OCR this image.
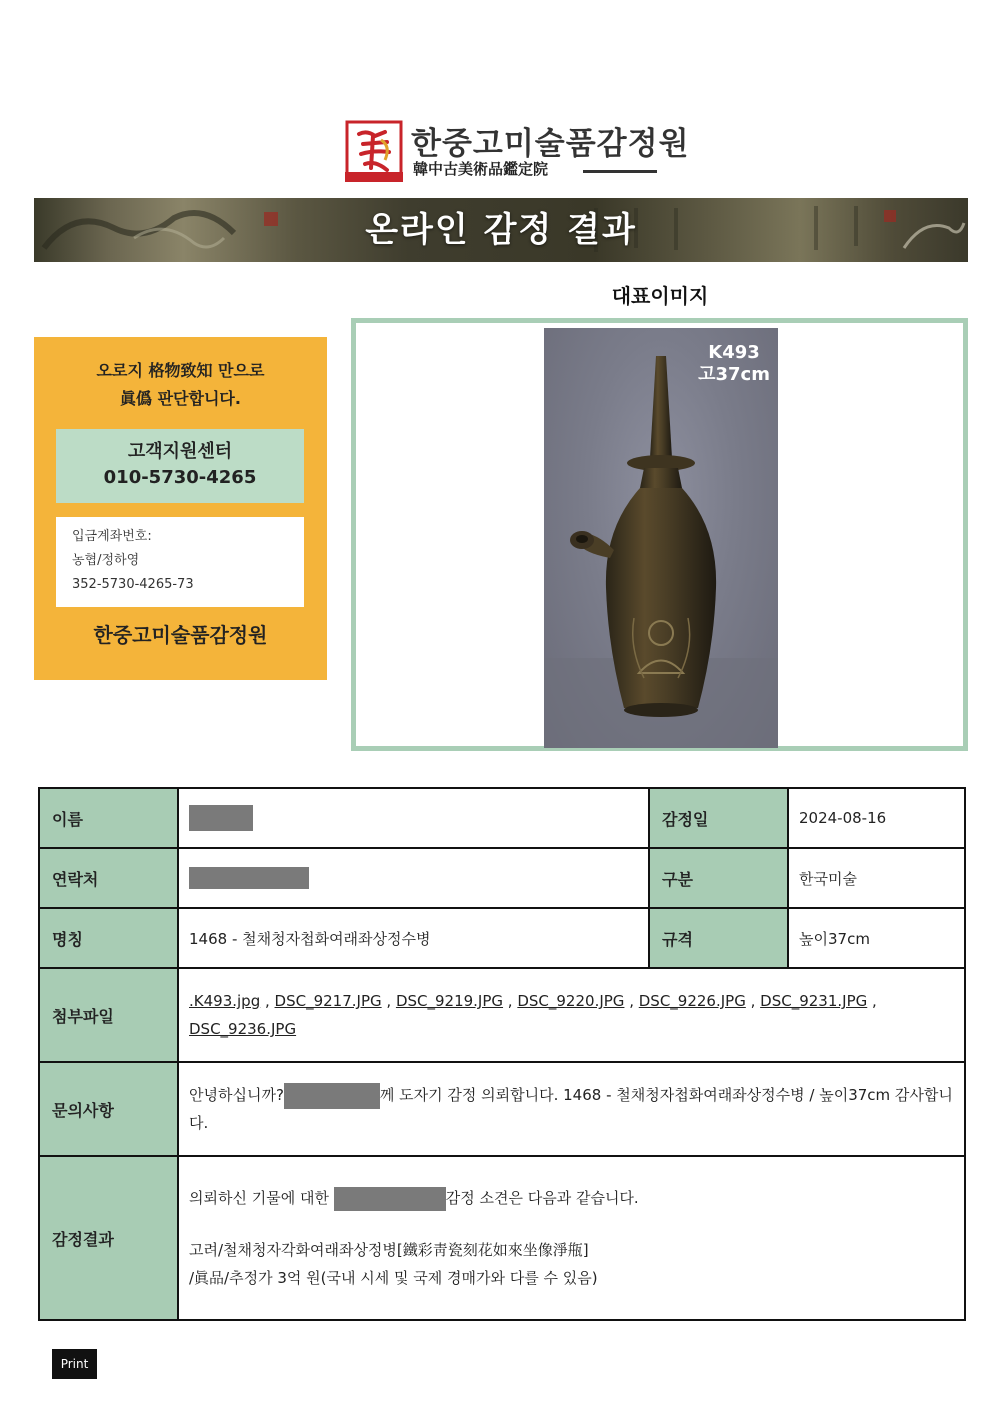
한중고미술품감정원
韓中古美術品鑑定院
온라인 감정 결과
대표이미지
오로지 格物致知 만으로
眞僞 판단합니다.
고객지원센터
010-5730-4265
입금계좌번호:
농협/정하영
352-5730-4265-73
한중고미술품감정원
K493
고37cm
이름		감정일	2024-08-16
연락처		구분	한국미술
명칭	1468 - 철채청자첩화여래좌상정수병	규격	높이37cm
첨부파일	.K493.jpg , DSC_9217.JPG , DSC_9219.JPG , DSC_9220.JPG , DSC_9226.JPG , DSC_9231.JPG , DSC_9236.JPG		
문의사항	안녕하십니까? 께 도자기 감정 의뢰합니다. 1468 - 철채청자첩화여래좌상정수병 / 높이37cm 감사합니다.		
감정결과	의뢰하신 기물에 대한 감정 소견은 다음과 같습니다.
고려/철채청자각화여래좌상정병[鐵彩靑瓷刻花如來坐像淨甁]
/眞品/추정가 3억 원(국내 시세 및 국제 경매가와 다를 수 있음)		
Print
